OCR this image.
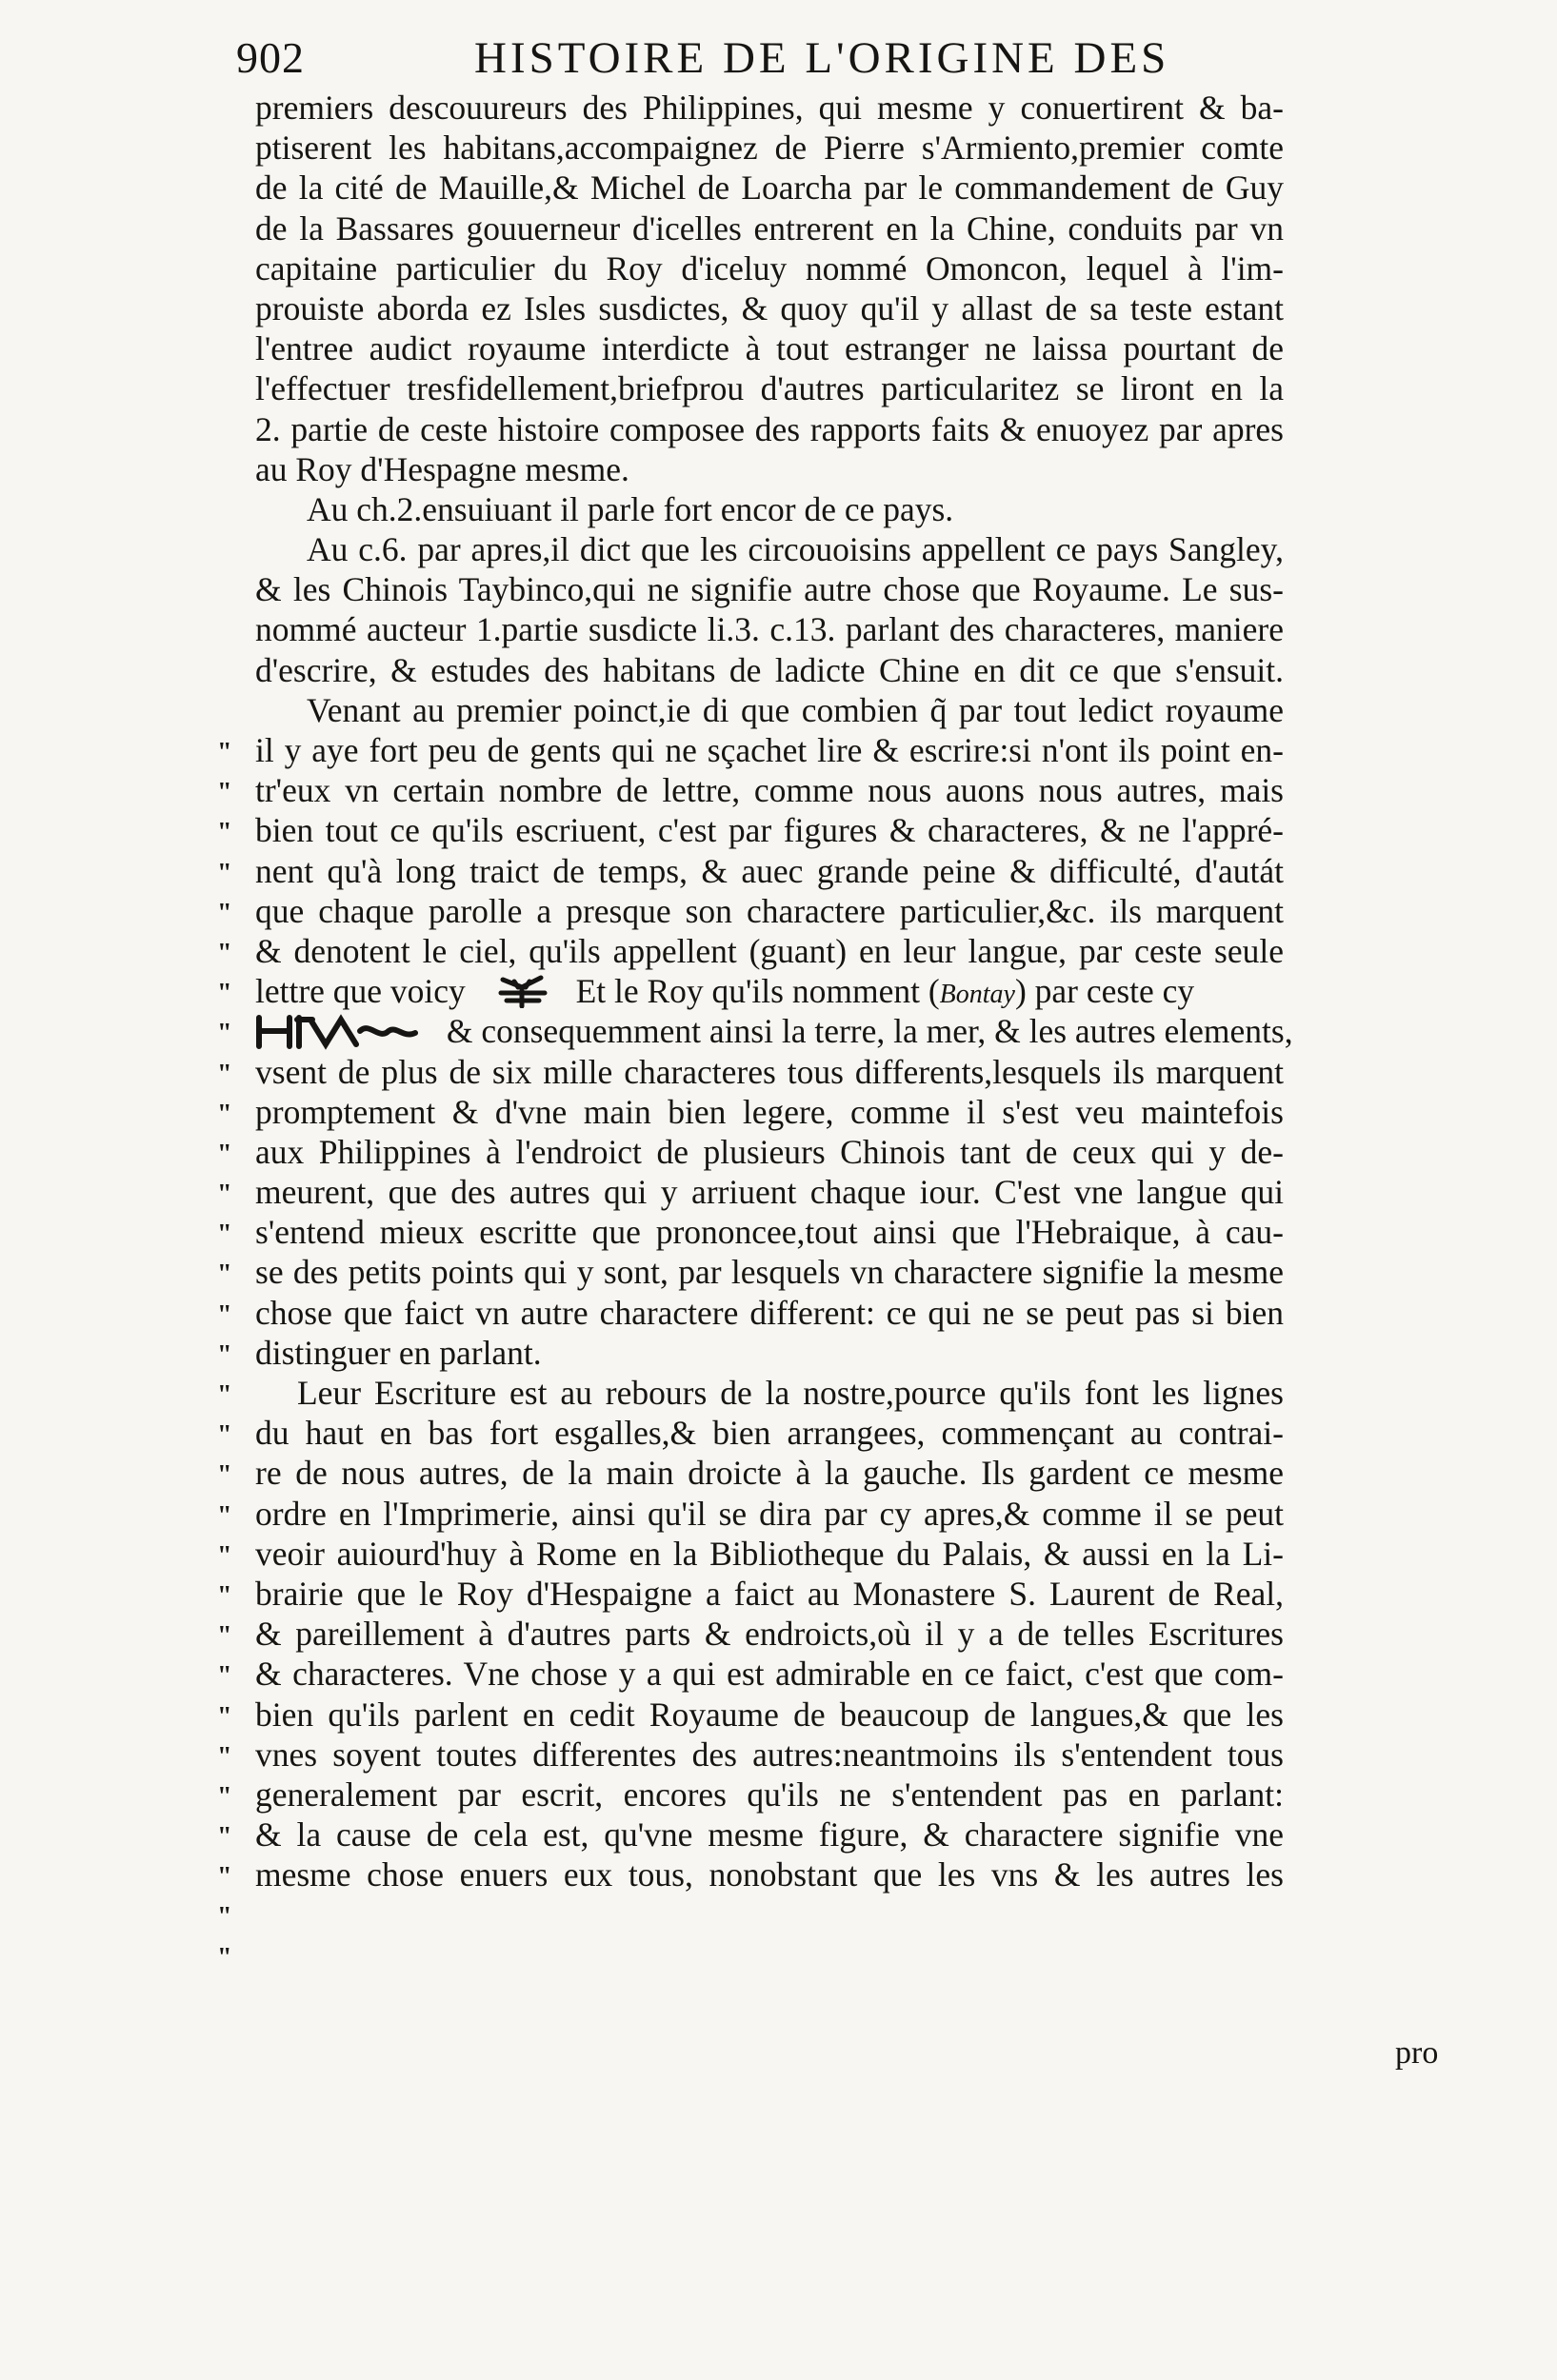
902	HISTOIRE DE L'ORIGINE DES
"
"
"
"
"
"
"
"
"
"
"
"
"
"
"
"
"
"
"
"
"
"
"
"
"
"
"
"
"
"
"
premiers descouureurs des Philippines, qui mesme y conuertirent & ba-
ptiserent les habitans,accompaignez de Pierre s'Armiento,premier comte
de la cité de Mauille,& Michel de Loarcha par le commandement de Guy
de la Bassares gouuerneur d'icelles entrerent en la Chine, conduits par vn
capitaine particulier du Roy d'iceluy nommé Omoncon, lequel à l'im-
prouiste aborda ez Isles susdictes, & quoy qu'il y allast de sa teste estant
l'entree audict royaume interdicte à tout estranger ne laissa pourtant de
l'effectuer tresfidellement,briefprou d'autres particularitez se liront en la
2. partie de ceste histoire composee des rapports faits & enuoyez par apres
au Roy d'Hespagne mesme.
Au ch.2.ensuiuant il parle fort encor de ce pays.
Au c.6. par apres,il dict que les circouoisins appellent ce pays Sangley,
& les Chinois Taybinco,qui ne signifie autre chose que Royaume. Le sus-
nommé aucteur 1.partie susdicte li.3. c.13. parlant des characteres, maniere
d'escrire, & estudes des habitans de ladicte Chine en dit ce que s'ensuit.
Venant au premier poinct,ie di que combien q̃ par tout ledict royaume
il y aye fort peu de gents qui ne sçachet lire & escrire:si n'ont ils point en-
tr'eux vn certain nombre de lettre, comme nous auons nous autres, mais
bien tout ce qu'ils escriuent, c'est par figures & characteres, & ne l'appré-
nent qu'à long traict de temps, & auec grande peine & difficulté, d'autát
que chaque parolle a presque son charactere particulier,&c. ils marquent
& denotent le ciel, qu'ils appellent (guant) en leur langue, par ceste seule
lettre que voicy	Et le Roy qu'ils nomment (Bontay) par ceste cy
& consequemment ainsi la terre, la mer, & les autres elements,
vsent de plus de six mille characteres tous differents,lesquels ils marquent
promptement & d'vne main bien legere, comme il s'est veu maintefois
aux Philippines à l'endroict de plusieurs Chinois tant de ceux qui y de-
meurent, que des autres qui y arriuent chaque iour. C'est vne langue qui
s'entend mieux escritte que prononcee,tout ainsi que l'Hebraique, à cau-
se des petits points qui y sont, par lesquels vn charactere signifie la mesme
chose que faict vn autre charactere different: ce qui ne se peut pas si bien
distinguer en parlant.
Leur Escriture est au rebours de la nostre,pource qu'ils font les lignes
du haut en bas fort esgalles,& bien arrangees, commençant au contrai-
re de nous autres, de la main droicte à la gauche. Ils gardent ce mesme
ordre en l'Imprimerie, ainsi qu'il se dira par cy apres,& comme il se peut
veoir auiourd'huy à Rome en la Bibliotheque du Palais, & aussi en la Li-
brairie que le Roy d'Hespaigne a faict au Monastere S. Laurent de Real,
& pareillement à d'autres parts & endroicts,où il y a de telles Escritures
& characteres. Vne chose y a qui est admirable en ce faict, c'est que com-
bien qu'ils parlent en cedit Royaume de beaucoup de langues,& que les
vnes soyent toutes differentes des autres:neantmoins ils s'entendent tous
generalement par escrit, encores qu'ils ne s'entendent pas en parlant:
& la cause de cela est, qu'vne mesme figure, & charactere signifie vne
mesme chose enuers eux tous, nonobstant que les vns & les autres les
pro
